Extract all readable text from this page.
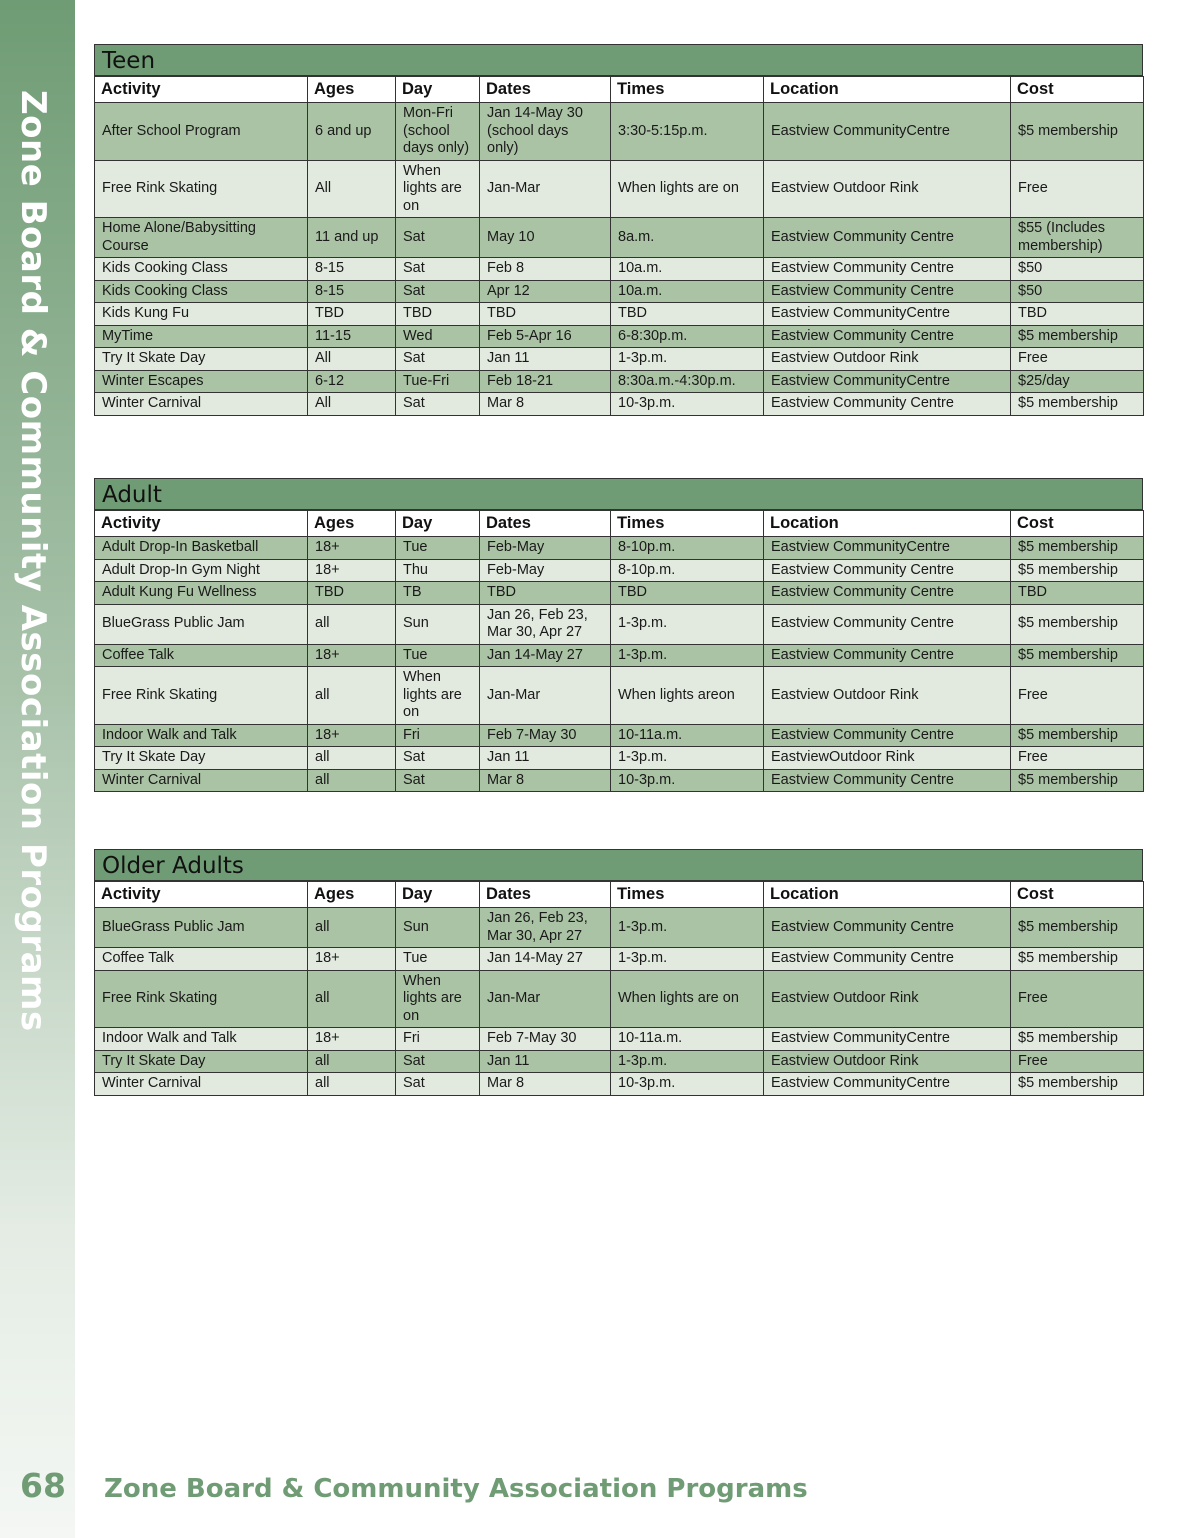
Zone Board & Community Association Programs
Teen
Activity	Ages	Day	Dates	Times	Location	Cost
After School Program	6 and up	Mon-Fri (school days only)	Jan 14-May 30 (school days only)	3:30-5:15p.m.	Eastview CommunityCentre	$5 membership
Free Rink Skating	All	When lights are on	Jan-Mar	When lights are on	Eastview Outdoor Rink	Free
Home Alone/Babysitting Course	11 and up	Sat	May 10	8a.m.	Eastview Community Centre	$55 (Includes membership)
Kids Cooking Class	8-15	Sat	Feb 8	10a.m.	Eastview Community Centre	$50
Kids Cooking Class	8-15	Sat	Apr 12	10a.m.	Eastview Community Centre	$50
Kids Kung Fu	TBD	TBD	TBD	TBD	Eastview CommunityCentre	TBD
MyTime	11-15	Wed	Feb 5-Apr 16	6-8:30p.m.	Eastview Community Centre	$5 membership
Try It Skate Day	All	Sat	Jan 11	1-3p.m.	Eastview Outdoor Rink	Free
Winter Escapes	6-12	Tue-Fri	Feb 18-21	8:30a.m.-4:30p.m.	Eastview CommunityCentre	$25/day
Winter Carnival	All	Sat	Mar 8	10-3p.m.	Eastview Community Centre	$5 membership
Adult
Activity	Ages	Day	Dates	Times	Location	Cost
Adult Drop-In Basketball	18+	Tue	Feb-May	8-10p.m.	Eastview CommunityCentre	$5 membership
Adult Drop-In Gym Night	18+	Thu	Feb-May	8-10p.m.	Eastview Community Centre	$5 membership
Adult Kung Fu Wellness	TBD	TB	TBD	TBD	Eastview Community Centre	TBD
BlueGrass Public Jam	all	Sun	Jan 26, Feb 23, Mar 30, Apr 27	1-3p.m.	Eastview Community Centre	$5 membership
Coffee Talk	18+	Tue	Jan 14-May 27	1-3p.m.	Eastview Community Centre	$5 membership
Free Rink Skating	all	When lights are on	Jan-Mar	When lights areon	Eastview Outdoor Rink	Free
Indoor Walk and Talk	18+	Fri	Feb 7-May 30	10-11a.m.	Eastview Community Centre	$5 membership
Try It Skate Day	all	Sat	Jan 11	1-3p.m.	EastviewOutdoor Rink	Free
Winter Carnival	all	Sat	Mar 8	10-3p.m.	Eastview Community Centre	$5 membership
Older Adults
Activity	Ages	Day	Dates	Times	Location	Cost
BlueGrass Public Jam	all	Sun	Jan 26, Feb 23, Mar 30, Apr 27	1-3p.m.	Eastview Community Centre	$5 membership
Coffee Talk	18+	Tue	Jan 14-May 27	1-3p.m.	Eastview Community Centre	$5 membership
Free Rink Skating	all	When lights are on	Jan-Mar	When lights are on	Eastview Outdoor Rink	Free
Indoor Walk and Talk	18+	Fri	Feb 7-May 30	10-11a.m.	Eastview CommunityCentre	$5 membership
Try It Skate Day	all	Sat	Jan 11	1-3p.m.	Eastview Outdoor Rink	Free
Winter Carnival	all	Sat	Mar 8	10-3p.m.	Eastview CommunityCentre	$5 membership
68 Zone Board & Community Association Programs
